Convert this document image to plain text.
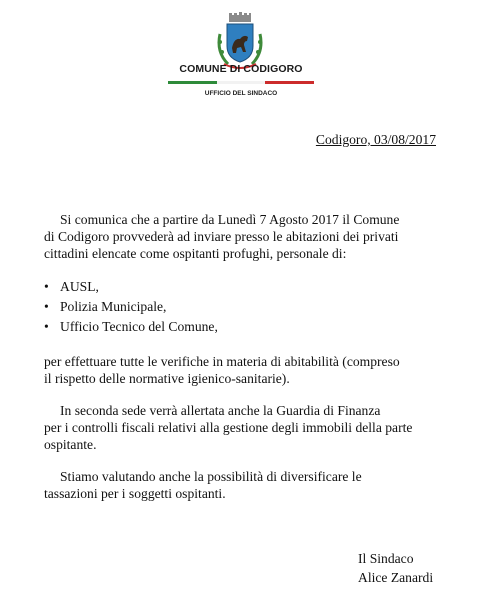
COMUNE DI CODIGORO
UFFICIO DEL SINDACO
Codigoro, 03/08/2017
Si comunica che a partire da Lunedì 7 Agosto 2017 il Comune
di Codigoro provvederà ad inviare presso le abitazioni dei privati
cittadini elencate come ospitanti profughi, personale di:
• AUSL,
• Polizia Municipale,
• Ufficio Tecnico del Comune,
per effettuare tutte le verifiche in materia di abitabilità (compreso
il rispetto delle normative igienico-sanitarie).
In seconda sede verrà allertata anche la Guardia di Finanza
per i controlli fiscali relativi alla gestione degli immobili della parte
ospitante.
Stiamo valutando anche la possibilità di diversificare le
tassazioni per i soggetti ospitanti.
Il Sindaco
Alice Zanardi
